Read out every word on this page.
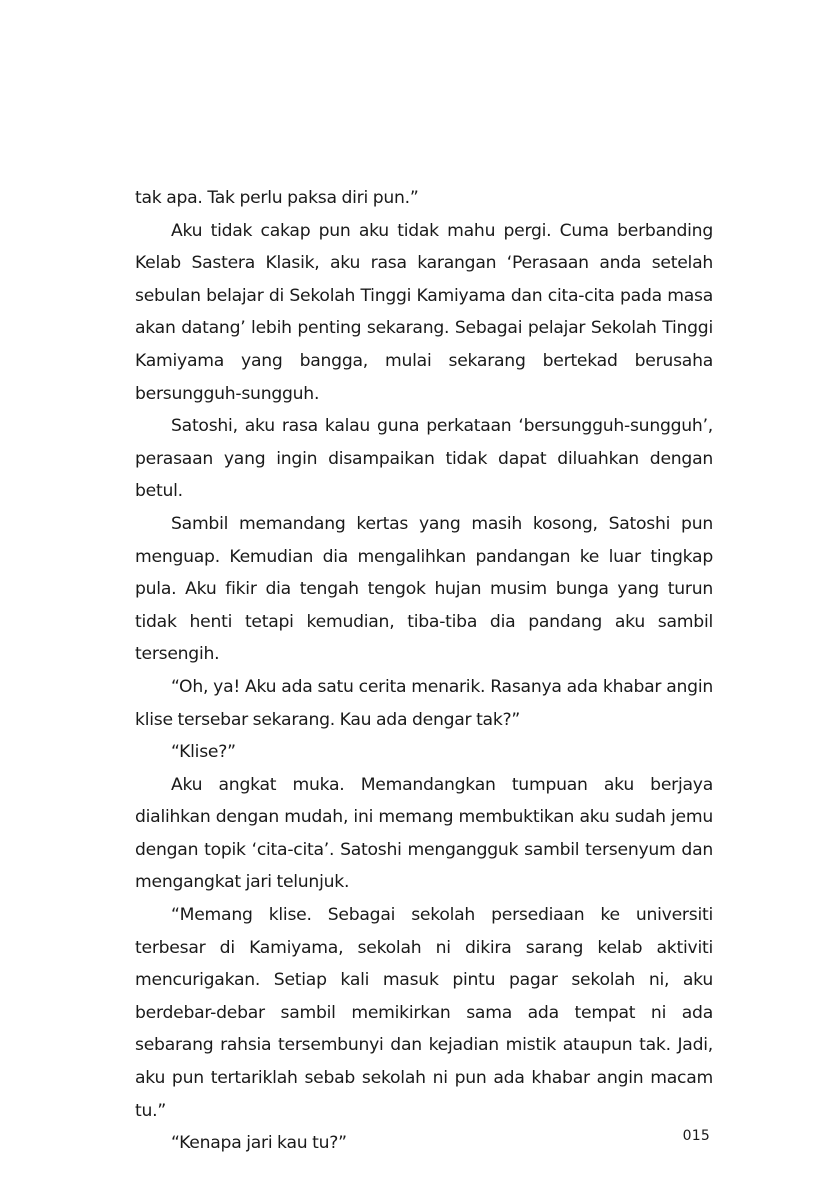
tak apa. Tak perlu paksa diri pun.”

Aku tidak cakap pun aku tidak mahu pergi. Cuma berbanding Kelab Sastera Klasik, aku rasa karangan ‘Perasaan anda setelah sebulan belajar di Sekolah Tinggi Kamiyama dan cita-cita pada masa akan datang’ lebih penting sekarang. Sebagai pelajar Sekolah Tinggi Kamiyama yang bangga, mulai sekarang bertekad berusaha bersungguh-sungguh.

Satoshi, aku rasa kalau guna perkataan ‘bersungguh-sungguh’, perasaan yang ingin disampaikan tidak dapat diluahkan dengan betul.

Sambil memandang kertas yang masih kosong, Satoshi pun menguap. Kemudian dia mengalihkan pandangan ke luar tingkap pula. Aku fikir dia tengah tengok hujan musim bunga yang turun tidak henti tetapi kemudian, tiba-tiba dia pandang aku sambil tersengih.

“Oh, ya! Aku ada satu cerita menarik. Rasanya ada khabar angin klise tersebar sekarang. Kau ada dengar tak?”

“Klise?”

Aku angkat muka. Memandangkan tumpuan aku berjaya dialihkan dengan mudah, ini memang membuktikan aku sudah jemu dengan topik ‘cita-cita’. Satoshi mengangguk sambil tersenyum dan mengangkat jari telunjuk.

“Memang klise. Sebagai sekolah persediaan ke universiti terbesar di Kamiyama, sekolah ni dikira sarang kelab aktiviti mencurigakan. Setiap kali masuk pintu pagar sekolah ni, aku berdebar-debar sambil memikirkan sama ada tempat ni ada sebarang rahsia tersembunyi dan kejadian mistik ataupun tak. Jadi, aku pun tertariklah sebab sekolah ni pun ada khabar angin macam tu.”

“Kenapa jari kau tu?”	015
